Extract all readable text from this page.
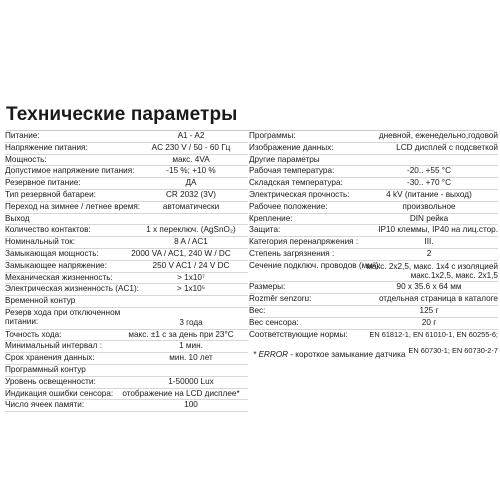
Технические параметры
Питание:	A1 - A2
Напряжение питания:	AC 230 V / 50 - 60 Гц
Мощность:	макс. 4VA
Допустимое напряжение питания:	-15 %; +10 %
Резервное питание:	ДА
Тип резервной батареи:	CR 2032 (3V)
Переход на зимнее / летнее время:	автоматически
Выход
Количество контактов:	1 x переключ. (AgSnO₂)
Номинальный ток:	8 A / AC1
Замыкающая мощность:	2000 VA / AC1, 240 W / DC
Замыкающее напряжение:	250 V AC1 / 24 V DC
Механическая жизненность:	> 1x10⁷
Электрическая жизненность (AC1):	> 1x10⁵
Временной контур
Резерв хода при отключенном питании:	3 года
Точность хода:	макс. ±1 с за день при 23°C
Минимальный интервал :	1 мин.
Срок хранения данных:	мин. 10 лет
Программный контур
Уровень освещенности:	1-50000 Lux
Индикация ошибки сенсора:	отображение на LCD дисплее*
Число ячеек памяти:	100
Программы:	дневной, еженедельно,годовой
Изображение данных:	LCD дисплей с подсветкой
Другие параметры
Рабочая температура:	-20.. +55 °C
Складская температура:	-30.. +70 °C
Электрическая прочность:	4 kV (питание - выход)
Рабочее положение:	произвольное
Крепление:	DIN рейка
Защита:	IP10 клеммы, IP40 на лиц.стор.
Категория перенапряжения :	III.
Степень загрязнения :	2
Сечение подключ. проводов (мм²):
макс. 2x2,5, макс. 1x4 с изоляцией
макс.1x2,5, макс. 2x1,5
Размеры:	90 x 35.6 x 64 мм
Rozměr senzoru:	отдельная страница в каталоге
Вес:	125 г
Вес сенсора:	20 г
Соответствующие нормы:	EN 61812-1, EN 61010-1, EN 60255-6;

EN 60730-1; EN 60730-2-7
* ERROR - короткое замыкание датчика
